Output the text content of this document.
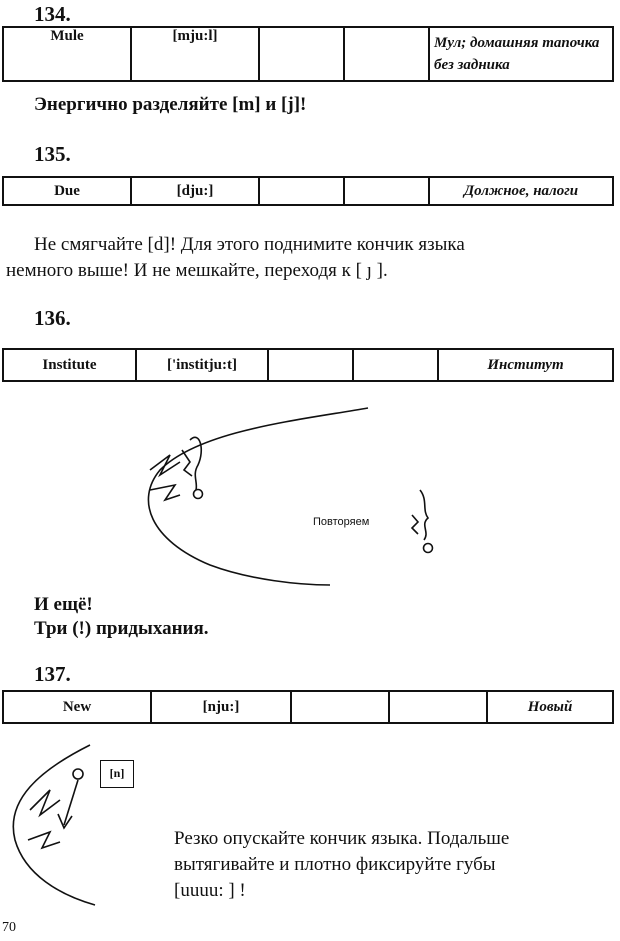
134.
Mule	[mju:l]			Мул; домашняя тапочка без задника
Энергично разделяйте [m] и [j]!
135.
Due	[dju:]			Должное, налоги
Не смягчайте [d]! Для этого поднимите кончик языка
немного выше! И не мешкайте, переходя к [ ȷ ].
136.
Institute	['institju:t]			Институт
Повторяем
И ещё!
Три (!) придыхания.
137.
New	[nju:]			Новый
[n]
Резко опускайте кончик языка. Подальше
вытягивайте и плотно фиксируйте губы
[uuuu: ] !
70
